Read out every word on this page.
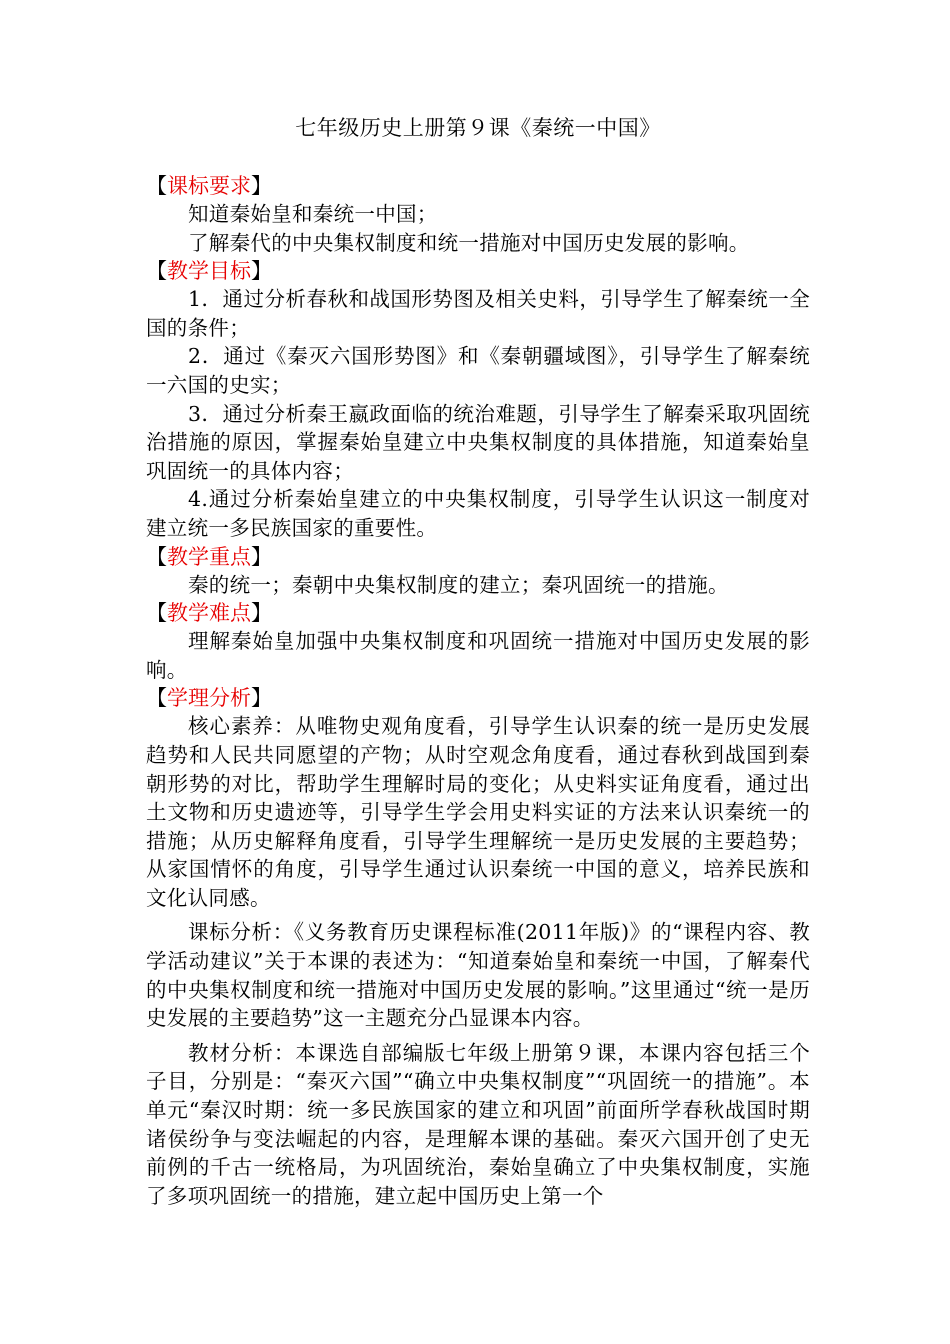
七年级历史上册第９课《秦统一中国》
【课标要求】

知道秦始皇和秦统一中国；

了解秦代的中央集权制度和统一措施对中国历史发展的影响。

【教学目标】

1．通过分析春秋和战国形势图及相关史料，引导学生了解秦统一全国的条件；

2．通过《秦灭六国形势图》和《秦朝疆域图》，引导学生了解秦统一六国的史实；

3．通过分析秦王嬴政面临的统治难题，引导学生了解秦采取巩固统治措施的原因，掌握秦始皇建立中央集权制度的具体措施，知道秦始皇巩固统一的具体内容；

4.通过分析秦始皇建立的中央集权制度，引导学生认识这一制度对建立统一多民族国家的重要性。

【教学重点】

秦的统一；秦朝中央集权制度的建立；秦巩固统一的措施。

【教学难点】

理解秦始皇加强中央集权制度和巩固统一措施对中国历史发展的影响。

【学理分析】

核心素养：从唯物史观角度看，引导学生认识秦的统一是历史发展趋势和人民共同愿望的产物；从时空观念角度看，通过春秋到战国到秦朝形势的对比，帮助学生理解时局的变化；从史料实证角度看，通过出土文物和历史遗迹等，引导学生学会用史料实证的方法来认识秦统一的措施；从历史解释角度看，引导学生理解统一是历史发展的主要趋势；从家国情怀的角度，引导学生通过认识秦统一中国的意义，培养民族和文化认同感。

课标分析：《义务教育历史课程标准(2011年版)》的“课程内容、教学活动建议”关于本课的表述为：“知道秦始皇和秦统一中国，了解秦代的中央集权制度和统一措施对中国历史发展的影响。”这里通过“统一是历史发展的主要趋势”这一主题充分凸显课本内容。

教材分析：本课选自部编版七年级上册第９课，本课内容包括三个子目，分别是：“秦灭六国”“确立中央集权制度”“巩固统一的措施”。本单元“秦汉时期：统一多民族国家的建立和巩固”前面所学春秋战国时期诸侯纷争与变法崛起的内容，是理解本课的基础。秦灭六国开创了史无前例的千古一统格局，为巩固统治，秦始皇确立了中央集权制度，实施了多项巩固统一的措施，建立起中国历史上第一个
